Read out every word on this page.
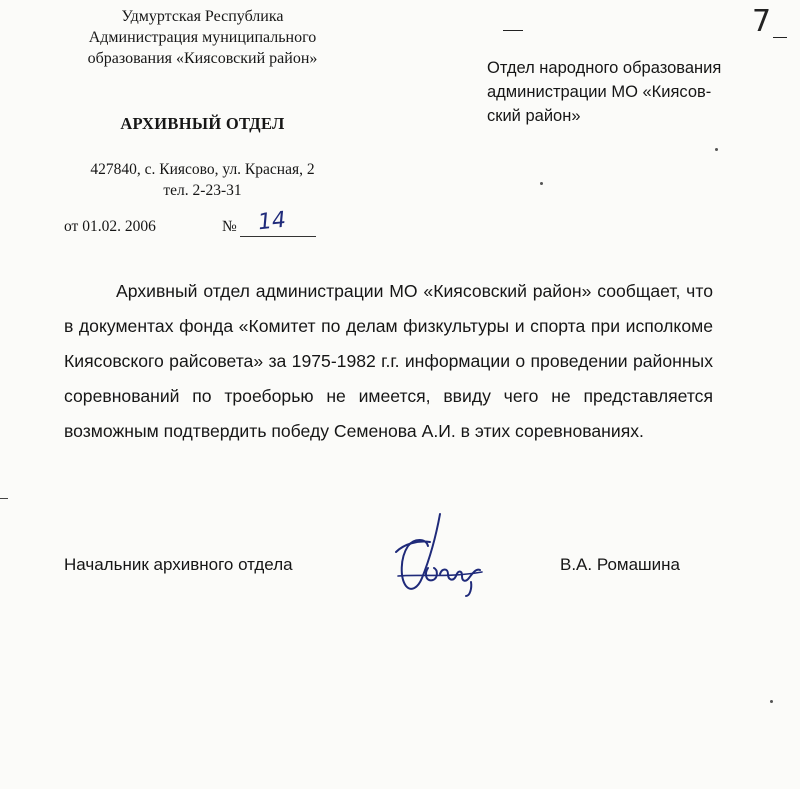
7
Удмуртская Республика
Администрация муниципального
образования «Киясовский район»
АРХИВНЫЙ ОТДЕЛ
427840, с. Киясово, ул. Красная, 2
тел. 2-23-31
от 01.02. 2006	№ 14
Отдел народного образования
администрации МО «Киясов-
ский район»

Архивный отдел администрации МО «Киясовский район» сообщает, что в документах фонда «Комитет по делам физкультуры и спорта при исполкоме Киясовского райсовета» за 1975-1982 г.г. информации о проведении районных соревнований по троеборью не имеется, ввиду чего не представляется возможным подтвердить победу Семенова А.И. в этих соревнованиях.

Начальник архивного отдела	В.А. Ромашина
